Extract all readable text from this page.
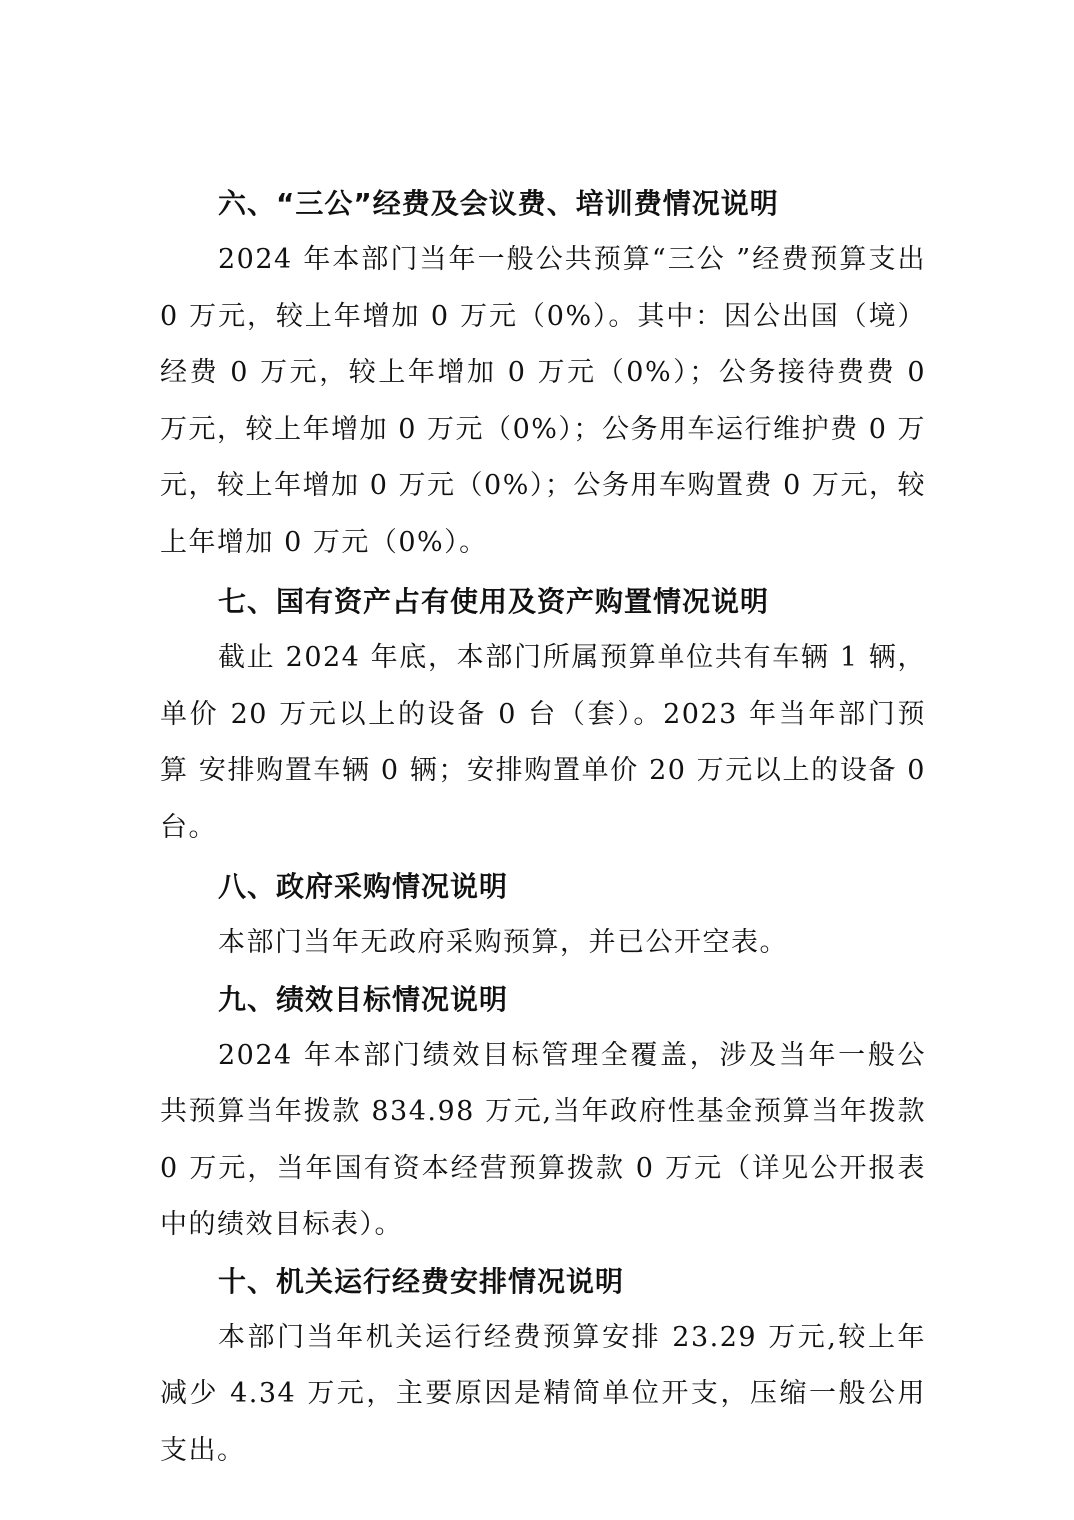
六、“三公”经费及会议费、培训费情况说明

2024 年本部门当年一般公共预算“三公 ”经费预算支出 0 万元，较上年增加 0 万元（0%）。其中：因公出国（境）经费 0 万元，较上年增加 0 万元（0%）；公务接待费费 0 万元，较上年增加 0 万元（0%）；公务用车运行维护费 0 万元，较上年增加 0 万元（0%）；公务用车购置费 0 万元，较上年增加 0 万元（0%）。

七、国有资产占有使用及资产购置情况说明

截止 2024 年底，本部门所属预算单位共有车辆 1 辆， 单价 20 万元以上的设备 0 台（套）。2023 年当年部门预算 安排购置车辆 0 辆；安排购置单价 20 万元以上的设备 0 台。

八、政府采购情况说明

本部门当年无政府采购预算，并已公开空表。

九、绩效目标情况说明

2024 年本部门绩效目标管理全覆盖，涉及当年一般公共预算当年拨款 834.98 万元,当年政府性基金预算当年拨款 0 万元，当年国有资本经营预算拨款 0 万元（详见公开报表中的绩效目标表）。

十、机关运行经费安排情况说明

本部门当年机关运行经费预算安排 23.29 万元,较上年减少 4.34 万元，主要原因是精简单位开支，压缩一般公用支出。
